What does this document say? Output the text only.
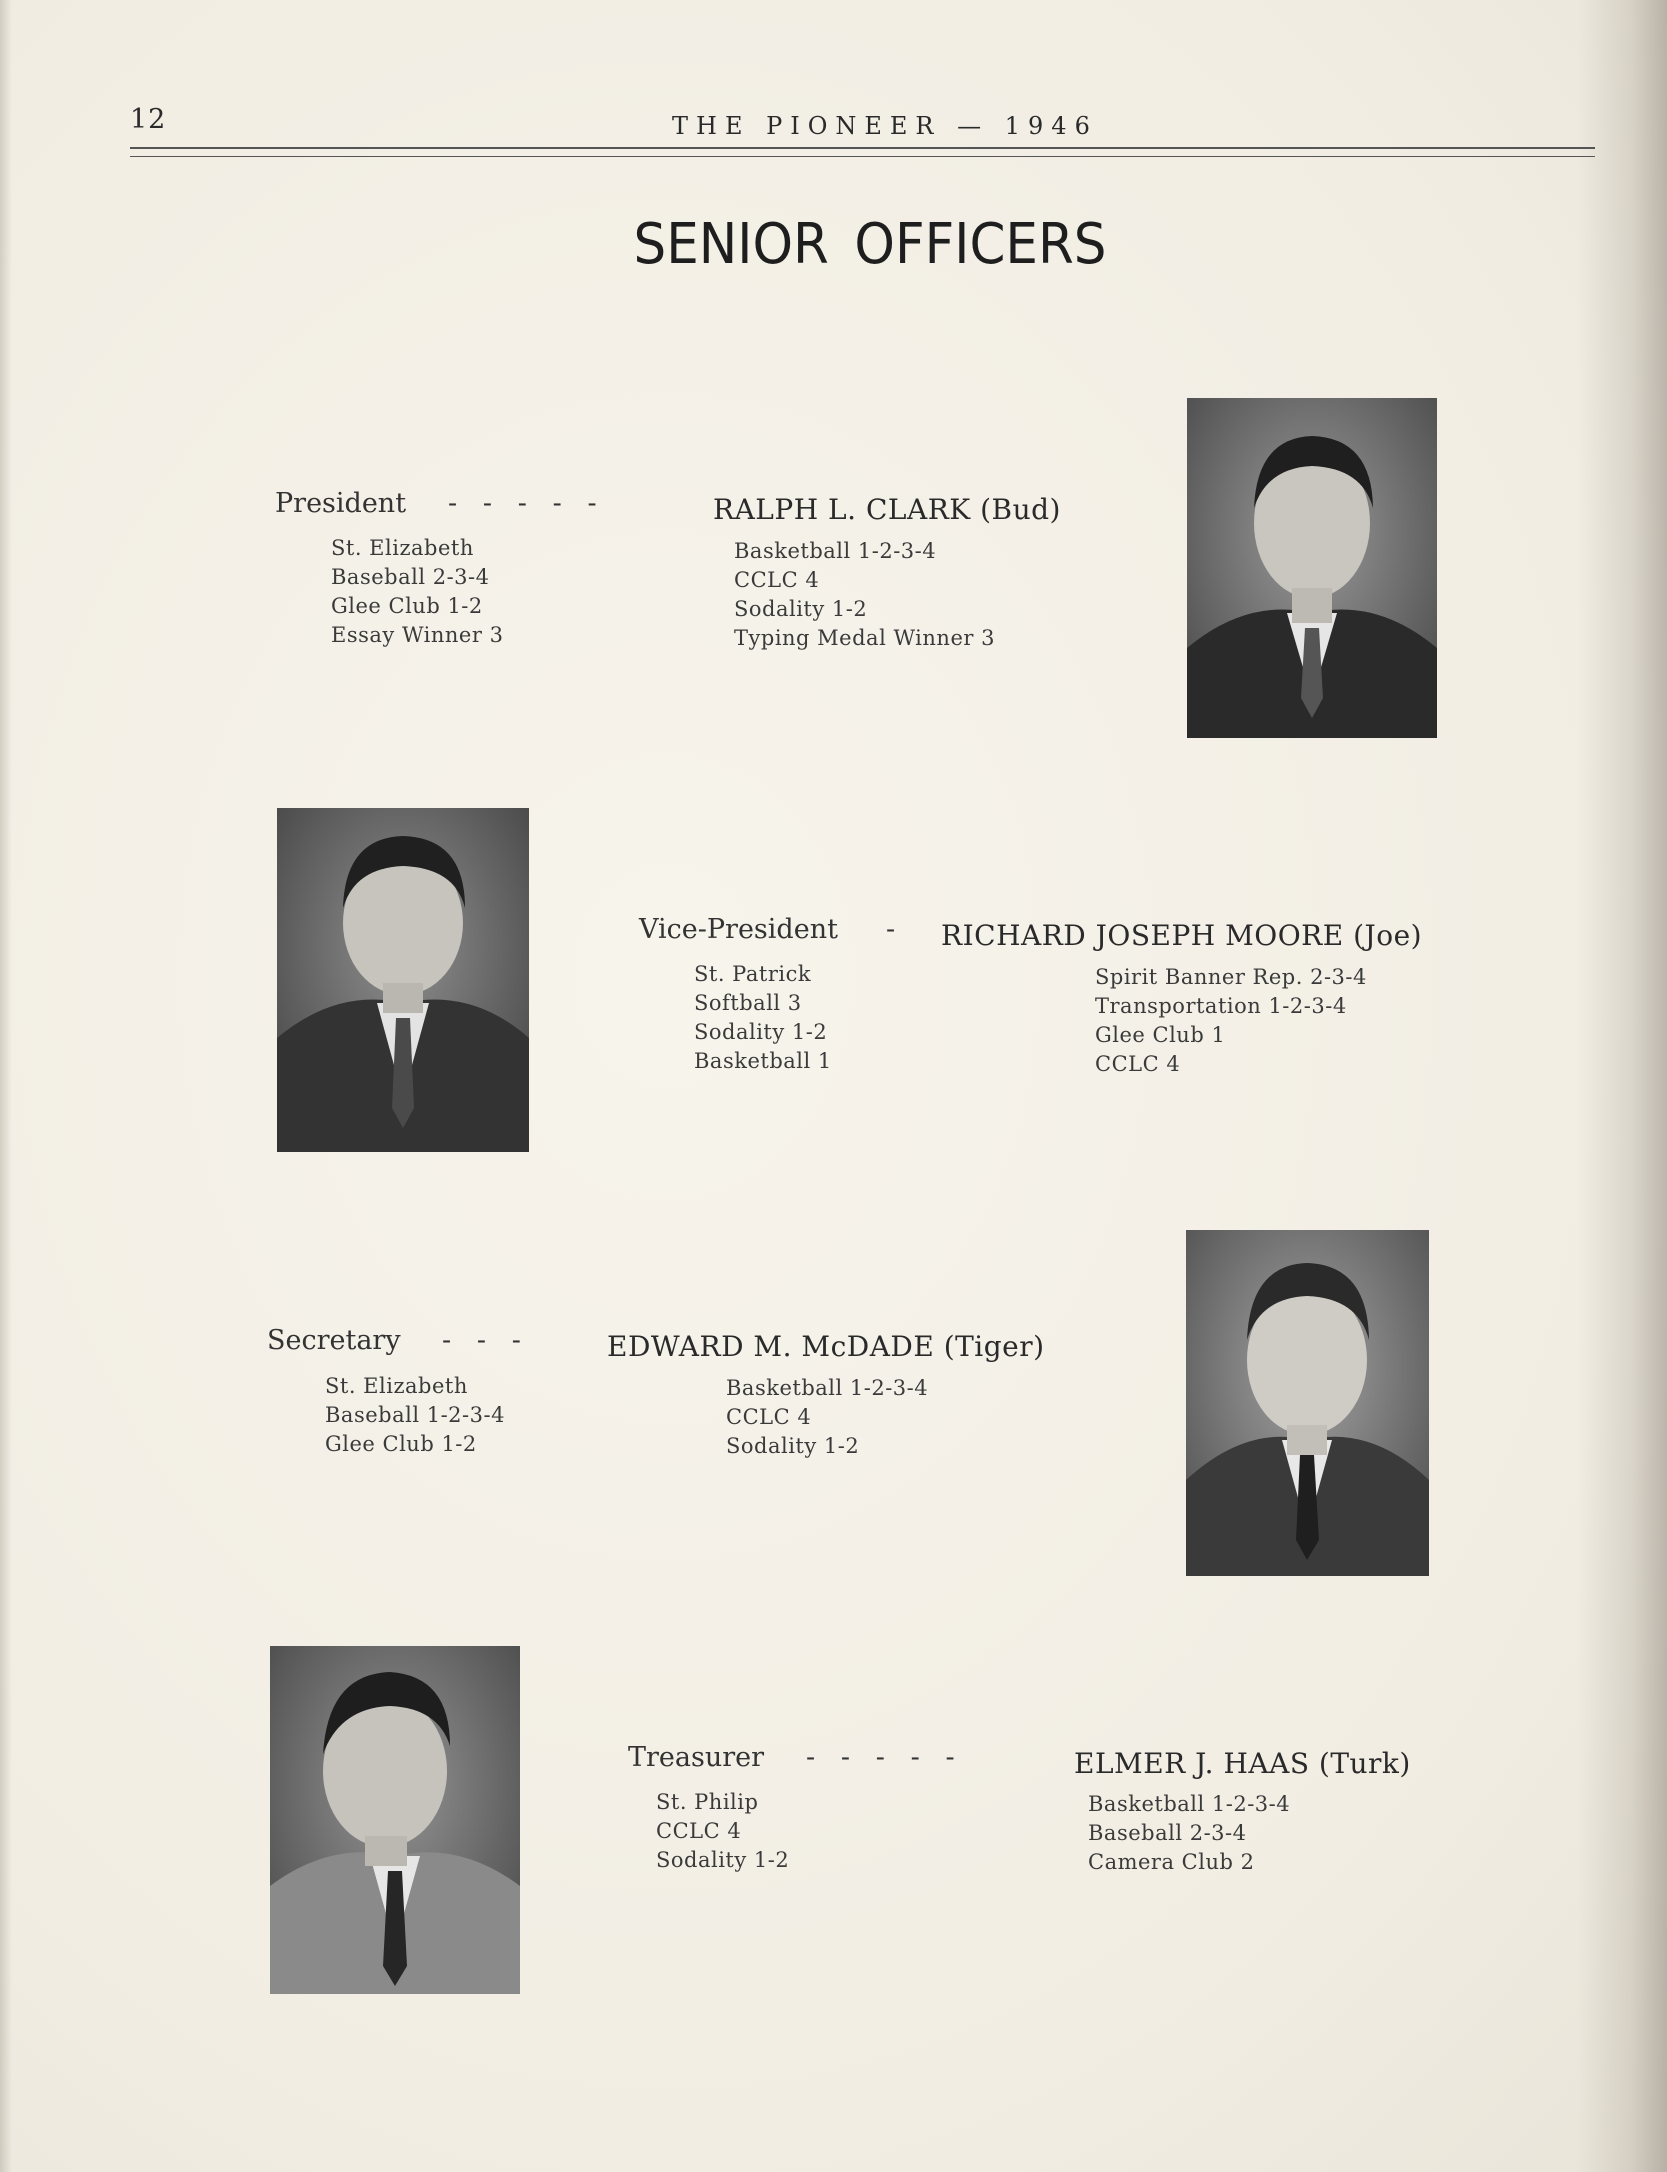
12	THE PIONEER — 1946
SENIOR OFFICERS
President -   -   -   -   -	RALPH L. CLARK (Bud)
St. Elizabeth
Baseball 2-3-4
Glee Club 1-2
Essay Winner 3
Basketball 1-2-3-4
CCLC 4
Sodality 1-2
Typing Medal Winner 3
Vice-President - RICHARD JOSEPH MOORE (Joe)
St. Patrick
Softball 3
Sodality 1-2
Basketball 1
Spirit Banner Rep. 2-3-4
Transportation 1-2-3-4
Glee Club 1
CCLC 4
Secretary -   -   -	EDWARD M. McDADE (Tiger)
St. Elizabeth
Baseball 1-2-3-4
Glee Club 1-2
Basketball 1-2-3-4
CCLC 4
Sodality 1-2
Treasurer -   -   -   -   -	ELMER J. HAAS (Turk)
St. Philip
CCLC 4
Sodality 1-2
Basketball 1-2-3-4
Baseball 2-3-4
Camera Club 2
